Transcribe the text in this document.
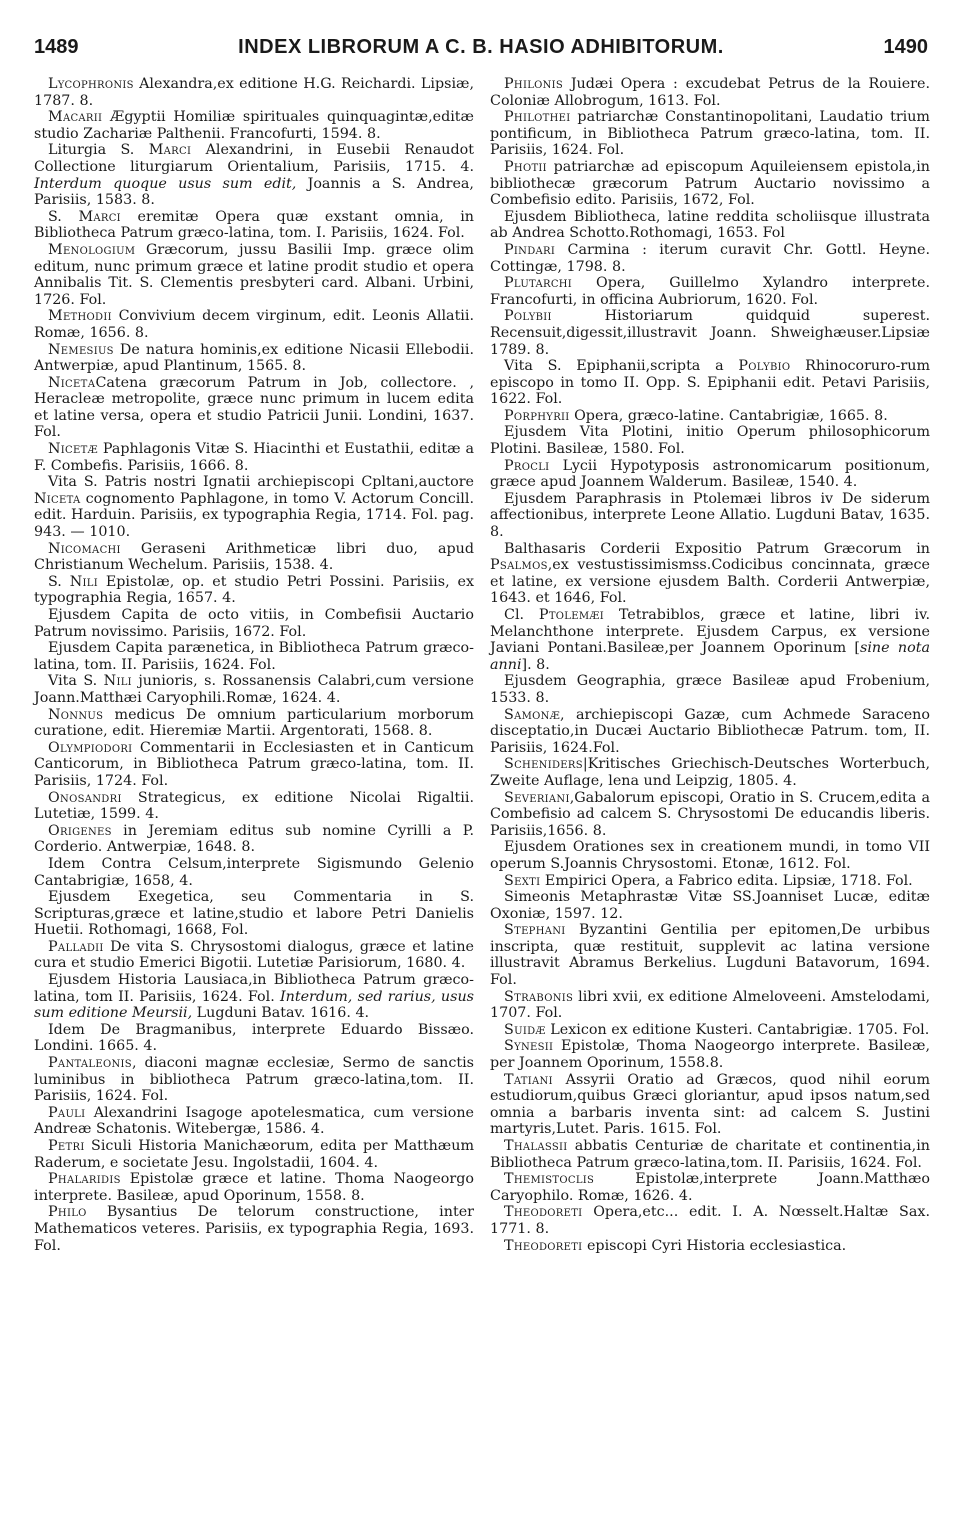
1489	INDEX LIBRORUM A C. B. HASIO ADHIBITORUM.	1490

Lycophronis Alexandra,ex editione H.G. Reichardi. Lipsiæ, 1787. 8.

Macarii Ægyptii Homiliæ spirituales quinquagintæ,editæ studio Zachariæ Palthenii. Francofurti, 1594. 8.

Liturgia S. Marci Alexandrini, in Eusebii Renaudot Collectione liturgiarum Orientalium, Parisiis, 1715. 4. Interdum quoque usus sum edit, Joannis a S. Andrea, Parisiis, 1583. 8.

S. Marci eremitæ Opera quæ exstant omnia, in Bibliotheca Patrum græco-latina, tom. I. Parisiis, 1624. Fol.

Menologium Græcorum, jussu Basilii Imp. græce olim editum, nunc primum græce et latine prodit studio et opera Annibalis Tit. S. Clementis presbyteri card. Albani. Urbini, 1726. Fol.

Methodii Convivium decem virginum, edit. Leonis Allatii. Romæ, 1656. 8.

Nemesius De natura hominis,ex editione Nicasii Ellebodii. Antwerpiæ, apud Plantinum, 1565. 8.

NicetаCatena græcorum Patrum in Job, collectore. , Heracleæ metropolite, græce nunc primum in lucem edita et latine versa, opera et studio Patricii Junii. Londini, 1637. Fol.

Nicetæ Paphlagonis Vitæ S. Hiacinthi et Eustathii, editæ a F. Combefis. Parisiis, 1666. 8.

Vita S. Patris nostri Ignatii archiepiscopi Cpltani,auctore Niceta cognomento Paphlagone, in tomo V. Actorum Concill. edit. Harduin. Parisiis, ex typographia Regia, 1714. Fol. pag. 943. — 1010.

Nicomachi Geraseni Arithmeticæ libri duo, apud Christianum Wechelum. Parisiis, 1538. 4.

S. Nili Epistolæ, op. et studio Petri Possini. Parisiis, ex typographia Regia, 1657. 4.

Ejusdem Capita de octo vitiis, in Combefisii Auctario Patrum novissimo. Parisiis, 1672. Fol.

Ejusdem Capita parænetica, in Bibliotheca Patrum græco-latina, tom. II. Parisiis, 1624. Fol.

Vita S. Nili junioris, s. Rossanensis Calabri,cum versione Joann.Matthæi Caryophili.Romæ, 1624. 4.

Nonnus medicus De omnium particularium morborum curatione, edit. Hieremiæ Martii. Argentorati, 1568. 8.

Olympiodori Commentarii in Ecclesiasten et in Canticum Canticorum, in Bibliotheca Patrum græco-latina, tom. II. Parisiis, 1724. Fol.

Onosandri Strategicus, ex editione Nicolai Rigaltii. Lutetiæ, 1599. 4.

Origenes in Jeremiam editus sub nomine Cyrilli a P. Corderio. Antwerpiæ, 1648. 8.

Idem Contra Celsum,interprete Sigismundo Gelenio Cantabrigiæ, 1658, 4.

Ejusdem Exegetica, seu Commentaria in S. Scripturas,græce et latine,studio et labore Petri Danielis Huetii. Rothomagi, 1668, Fol.

Palladii De vita S. Chrysostomi dialogus, græce et latine cura et studio Emerici Bigotii. Lutetiæ Parisiorum, 1680. 4.

Ejusdem Historia Lausiaca,in Bibliotheca Patrum græco-latina, tom II. Parisiis, 1624. Fol. Interdum, sed rarius, usus sum editione Meursii, Lugduni Batav. 1616. 4.

Idem De Bragmanibus, interprete Eduardo Bissæo. Londini. 1665. 4.

Pantaleonis, diaconi magnæ ecclesiæ, Sermo de sanctis luminibus in bibliotheca Patrum græco-latina,tom. II. Parisiis, 1624. Fol.

Pauli Alexandrini Isagoge apotelesmatica, cum versione Andreæ Schatonis. Witebergæ, 1586. 4.

Petri Siculi Historia Manichæorum, edita per Matthæum Raderum, e societate Jesu. Ingolstadii, 1604. 4.

Phalaridis Epistolæ græce et latine. Thoma Naogeorgo interprete. Basileæ, apud Oporinum, 1558. 8.

Philo Bysantius De telorum constructione, inter Mathematicos veteres. Parisiis, ex typographia Regia, 1693. Fol.

Philonis Judæi Opera : excudebat Petrus de la Rouiere. Coloniæ Allobrogum, 1613. Fol.

Philothei patriarchæ Constantinopolitani, Laudatio trium pontificum, in Bibliotheca Patrum græco-latina, tom. II. Parisiis, 1624. Fol.

Photii patriarchæ ad episcopum Aquileiensem epistola,in bibliothecæ græcorum Patrum Auctario novissimo a Combefisio edito. Parisiis, 1672, Fol.

Ejusdem Bibliotheca, latine reddita scholiisque illustrata ab Andrea Schotto.Rothomagi, 1653. Fol

Pindari Carmina : iterum curavit Chr. Gottl. Heyne. Cottingæ, 1798. 8.

Plutarchi Opera, Guillelmo Xylandro interprete. Francofurti, in officina Aubriorum, 1620. Fol.

Polybii Historiarum quidquid superest. Recensuit,digessit,illustravit Joann. Shweighæuser.Lipsiæ 1789. 8.

Vita S. Epiphanii,scripta a Polybio Rhinocoruro-rum episcopo in tomo II. Opp. S. Epiphanii edit. Petavi Parisiis, 1622. Fol.

Porphyrii Opera, græco-latine. Cantabrigiæ, 1665. 8.

Ejusdem Vita Plotini, initio Operum philosophicorum Plotini. Basileæ, 1580. Fol.

Procli Lycii Hypotyposis astronomicarum positionum, græce apud Joannem Walderum. Basileæ, 1540. 4.

Ejusdem Paraphrasis in Ptolemæi libros iv De siderum affectionibus, interprete Leone Allatio. Lugduni Batav, 1635. 8.

Balthasaris Corderii Expositio Patrum Græcorum in Psalmos,ex vestustissimismss.Codicibus concinnata, græce et latine, ex versione ejusdem Balth. Corderii Antwerpiæ, 1643. et 1646, Fol.

Cl. Ptolemæi Tetrabiblos, græce et latine, libri iv. Melanchthone interprete. Ejusdem Carpus, ex versione Javiani Pontani.Basileæ,per Joannem Oporinum [sine nota anni]. 8.

Ejusdem Geographia, græce Basileæ apud Frobenium, 1533. 8.

Samonæ, archiepiscopi Gazæ, cum Achmede Saraceno disceptatio,in Ducæi Auctario Bibliothecæ Patrum. tom, II. Parisiis, 1624.Fol.

Scheniders|Kritisches Griechisch-Deutsches Worterbuch, Zweite Auflage, lena und Leipzig, 1805. 4.

Severiani,Gabalorum episcopi, Oratio in S. Crucem,edita a Combefisio ad calcem S. Chrysostomi De educandis liberis. Parisiis,1656. 8.

Ejusdem Orationes sex in creationem mundi, in tomo VII operum S.Joannis Chrysostomi. Etonæ, 1612. Fol.

Sexti Empirici Opera, a Fabrico edita. Lipsiæ, 1718. Fol.

Simeonis Metaphrastæ Vitæ SS.Joanniset Lucæ, editæ Oxoniæ, 1597. 12.

Stephani Byzantini Gentilia per epitomen,De urbibus inscripta, quæ restituit, supplevit ac latina versione illustravit Abramus Berkelius. Lugduni Batavorum, 1694. Fol.

Strabonis libri xvii, ex editione Almeloveeni. Amstelodami, 1707. Fol.

Suidæ Lexicon ex editione Kusteri. Cantabrigiæ. 1705. Fol.

Synesii Epistolæ, Thoma Naogeorgo interprete. Basileæ, per Joannem Oporinum, 1558.8.

Tatiani Assyrii Oratio ad Græcos, quod nihil eorum estudiorum,quibus Græci gloriantur, apud ipsos natum,sed omnia a barbaris inventa sint: ad calcem S. Justini martyris,Lutet. Paris. 1615. Fol.

Thalassii abbatis Centuriæ de charitate et continentia,in Bibliotheca Patrum græco-latina,tom. II. Parisiis, 1624. Fol.

Themistoclis Epistolæ,interprete Joann.Matthæo Caryophilo. Romæ, 1626. 4.

Theodoreti Opera,etc... edit. I. A. Nœsselt.Haltæ Sax. 1771. 8.

Theodoreti episcopi Cyri Historia ecclesiastica.
